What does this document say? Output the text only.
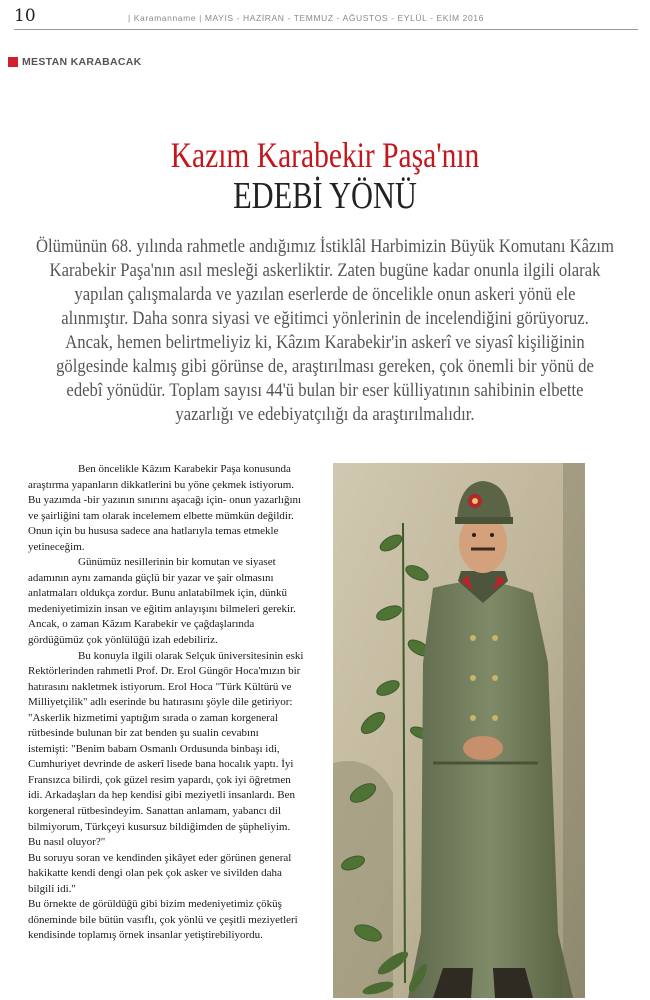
10	| Karamanname | MAYIS - HAZİRAN - TEMMUZ - AĞUSTOS - EYLÜL - EKİM 2016
MESTAN KARABACAK
Kazım Karabekir Paşa'nın
EDEBİ YÖNÜ
Ölümünün 68. yılında rahmetle andığımız İstiklâl Harbimizin Büyük Komutanı Kâzım
Karabekir Paşa'nın asıl mesleği askerliktir. Zaten bugüne kadar onunla ilgili olarak
yapılan çalışmalarda ve yazılan eserlerde de öncelikle onun askeri yönü ele
alınmıştır. Daha sonra siyasi ve eğitimci yönlerinin de incelendiğini görüyoruz.
Ancak, hemen belirtmeliyiz ki, Kâzım Karabekir'in askerî ve siyasî kişiliğinin
gölgesinde kalmış gibi görünse de, araştırılması gereken, çok önemli bir yönü de
edebî yönüdür. Toplam sayısı 44'ü bulan bir eser külliyatının sahibinin elbette
yazarlığı ve edebiyatçılığı da araştırılmalıdır.
Ben öncelikle Kâzım Karabekir Paşa konusunda
araştırma yapanların dikkatlerini bu yöne çekmek istiyorum.
Bu yazımda -bir yazının sınırını aşacağı için- onun yazarlığını
ve şairliğini tam olarak incelemem elbette mümkün değildir.
Onun için bu hususa sadece ana hatlarıyla temas etmekle
yetineceğim.
Günümüz nesillerinin bir komutan ve siyaset
adamının aynı zamanda güçlü bir yazar ve şair olmasını
anlatmaları oldukça zordur. Bunu anlatabilmek için, dünkü
medeniyetimizin insan ve eğitim anlayışını bilmeleri gerekir.
Ancak, o zaman Kâzım Karabekir ve çağdaşlarında
gördüğümüz çok yönlülüğü izah edebiliriz.
Bu konuyla ilgili olarak Selçuk üniversitesinin eski
Rektörlerinden rahmetli Prof. Dr. Erol Güngör Hoca'mızın bir
hatırasını nakletmek istiyorum. Erol Hoca "Türk Kültürü ve
Milliyetçilik" adlı eserinde bu hatırasını şöyle dile getiriyor:
"Askerlik hizmetimi yaptığım sırada o zaman korgeneral
rütbesinde bulunan bir zat benden şu sualin cevabını
istemişti: "Benim babam Osmanlı Ordusunda binbaşı idi,
Cumhuriyet devrinde de askerî lisede bana hocalık yaptı. İyi
Fransızca bilirdi, çok güzel resim yapardı, çok iyi öğretmen
idi. Arkadaşları da hep kendisi gibi meziyetli insanlardı. Ben
korgeneral rütbesindeyim. Sanattan anlamam, yabancı dil
bilmiyorum, Türkçeyi kusursuz bildiğimden de şüpheliyim.
Bu nasıl oluyor?"
Bu soruyu soran ve kendinden şikâyet eder görünen general
hakikatte kendi dengi olan pek çok asker ve sivilden daha
bilgili idi."
Bu örnekte de görüldüğü gibi bizim medeniyetimiz çöküş
döneminde bile bütün vasıflı, çok yönlü ve çeşitli meziyetleri
kendisinde toplamış örnek insanlar yetiştirebiliyordu.
